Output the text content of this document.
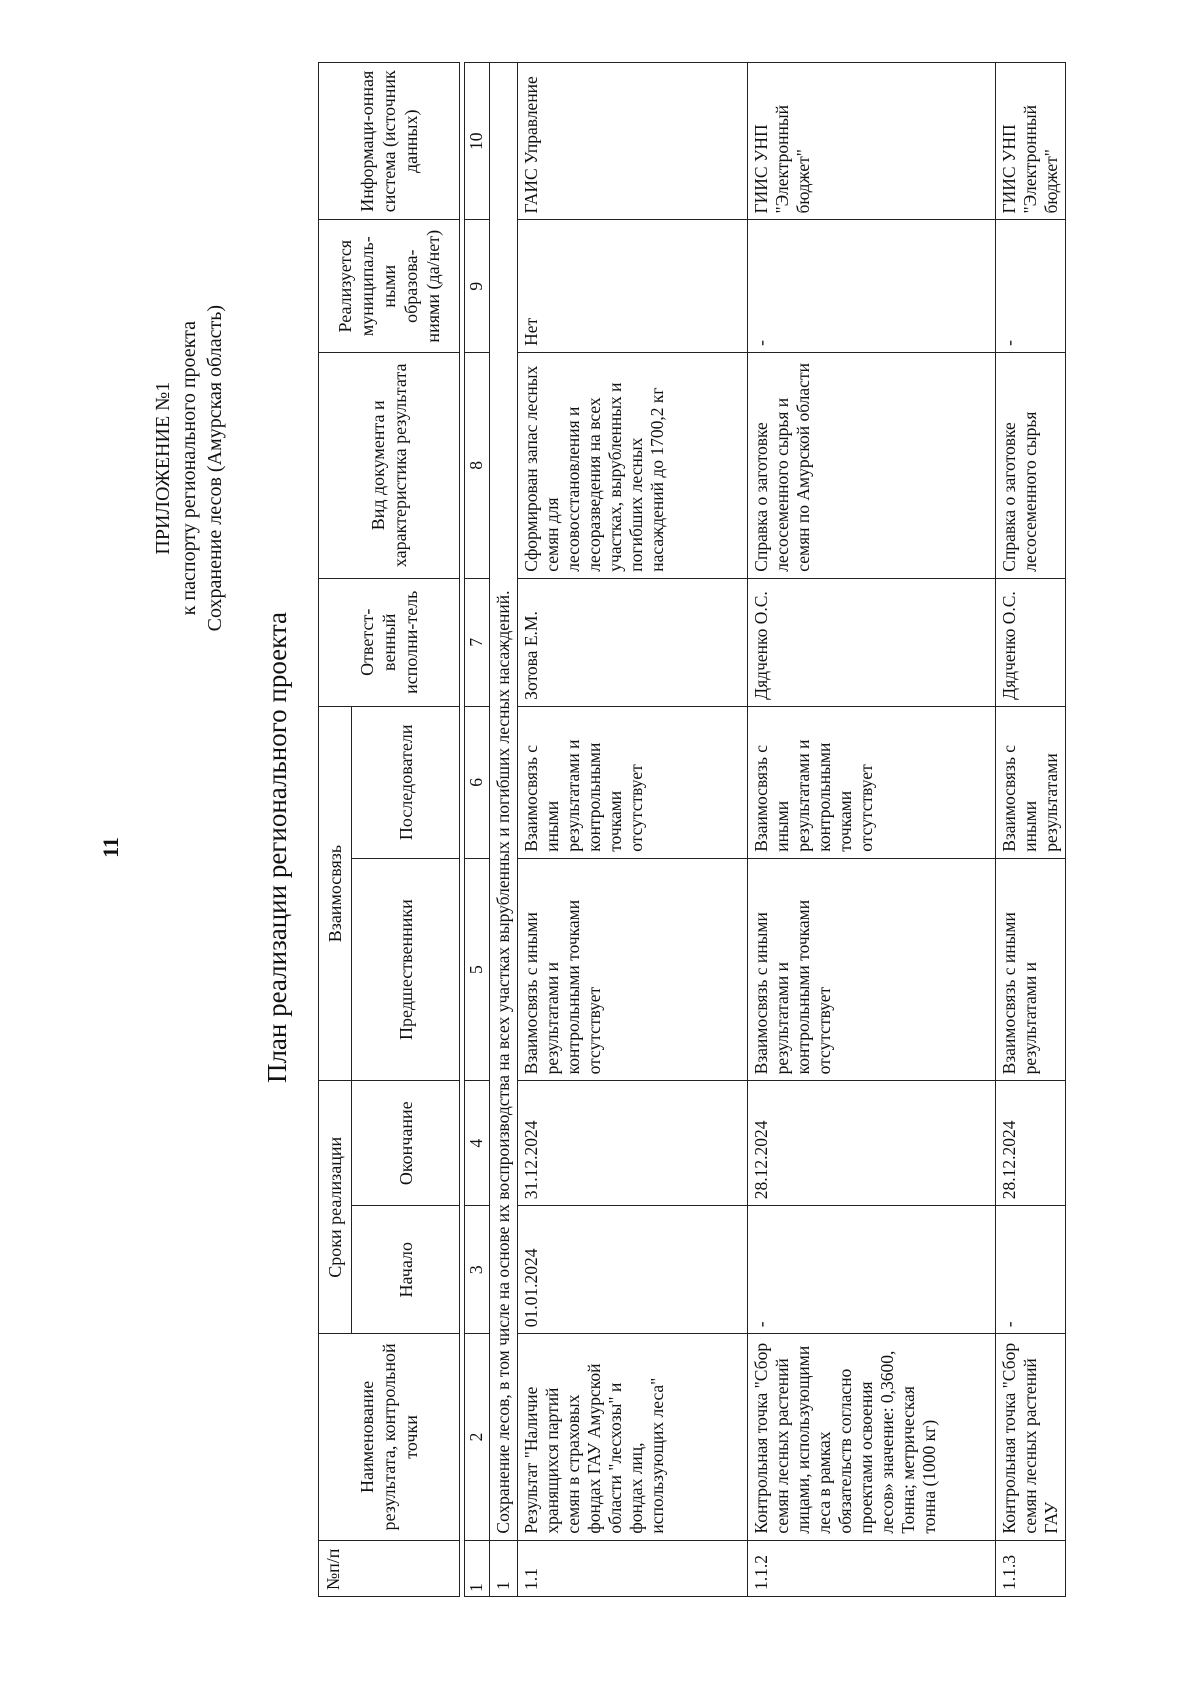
11
ПРИЛОЖЕНИЕ №1 к паспорту регионального проекта Сохранение лесов (Амурская область)
План реализации регионального проекта
№п/п	Наименование результата, контрольной точки	Сроки реализации		Взаимосвязь		Ответст-венный исполни-тель	Вид документа и характеристика результата	Реализуется муниципаль-ными образова-ниями (да/нет)	Информаци-онная система (источник данных)
		Начало	Окончание	Предшественники	Последователи				

1	2	3	4	5	6	7	8	9	10
1	Сохранение лесов, в том числе на основе их воспроизводства на всех участках вырубленных и погибших лесных насаждений.								
1.1	Результат "Наличие хранящихся партий семян в страховых фондах ГАУ Амурской области "лесхозы" и фондах лиц, использующих леса"	01.01.2024	31.12.2024	Взаимосвязь с иными результатами и контрольными точками отсутствует	Взаимосвязь с иными результатами и контрольными точками отсутствует	Зотова Е.М.	Сформирован запас лесных семян для лесовосстановления и лесоразведения на всех участках, вырубленных и погибших лесных насаждений до 1700,2 кг	Нет	ГАИС Управление
1.1.2	Контрольная точка "Сбор семян лесных растений лицами, использующими леса в рамках обязательств согласно проектами освоения лесов» значение: 0,3600, Тонна; метрическая тонна (1000 кг)	-	28.12.2024	Взаимосвязь с иными результатами и контрольными точками отсутствует	Взаимосвязь с иными результатами и контрольными точками отсутствует	Дядченко О.С.	Справка о заготовке лесосеменного сырья и семян по Амурской области	-	ГИИС УНП "Электронный бюджет"
1.1.3	Контрольная точка "Сбор семян лесных растений ГАУ	-	28.12.2024	Взаимосвязь с иными результатами и	Взаимосвязь с иными результатами	Дядченко О.С.	Справка о заготовке лесосеменного сырья	-	ГИИС УНП "Электронный бюджет"
